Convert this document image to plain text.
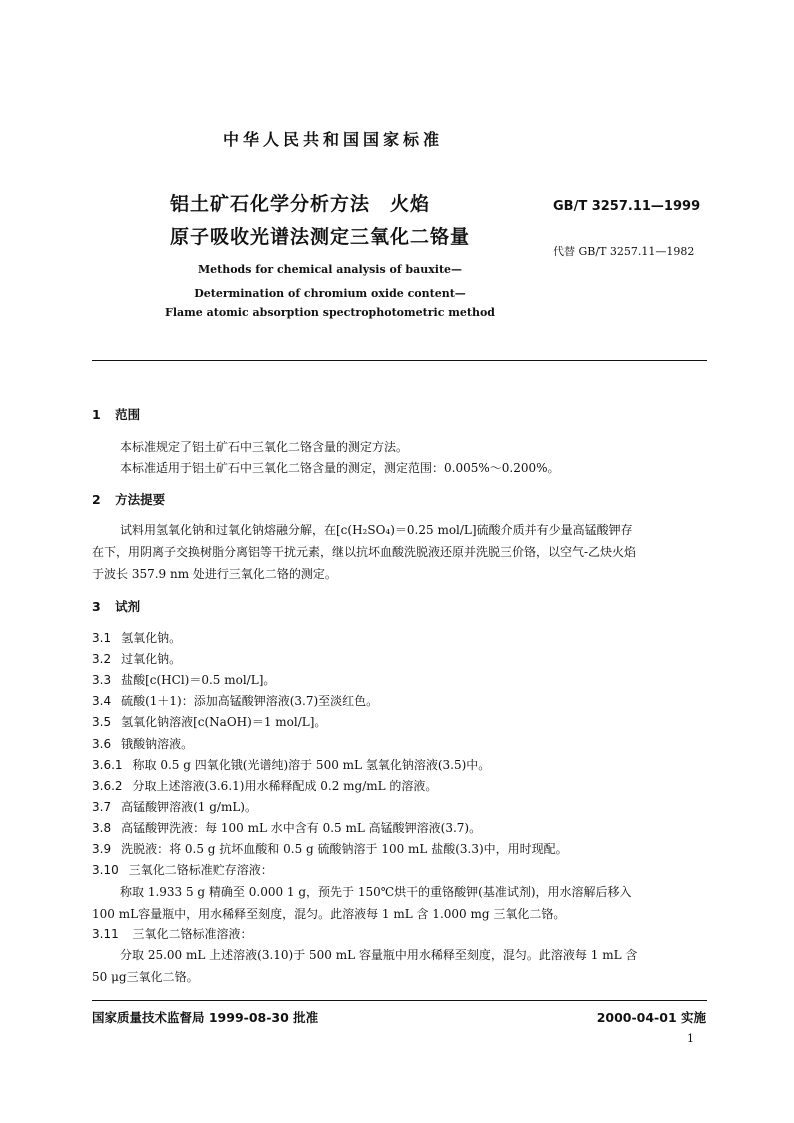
中华人民共和国国家标准
铝土矿石化学分析方法　火焰
原子吸收光谱法测定三氧化二铬量
GB/T 3257.11—1999
代替 GB/T 3257.11—1982
Methods for chemical analysis of bauxite—
Determination of chromium oxide content—
Flame atomic absorption spectrophotometric method
1 范围
本标准规定了铝土矿石中三氧化二铬含量的测定方法。
本标准适用于铝土矿石中三氧化二铬含量的测定，测定范围：0.005%～0.200%。
2 方法提要
试料用氢氧化钠和过氧化钠熔融分解，在[c(H₂SO₄)＝0.25 mol/L]硫酸介质并有少量高锰酸钾存
在下，用阴离子交换树脂分离铝等干扰元素，继以抗坏血酸洗脱液还原并洗脱三价铬，以空气-乙炔火焰
于波长 357.9 nm 处进行三氧化二铬的测定。
3 试剂
3.1 氢氧化钠。
3.2 过氧化钠。
3.3 盐酸[c(HCl)＝0.5 mol/L]。
3.4 硫酸(1＋1)：添加高锰酸钾溶液(3.7)至淡红色。
3.5 氢氧化钠溶液[c(NaOH)＝1 mol/L]。
3.6 锇酸钠溶液。
3.6.1 称取 0.5 g 四氧化锇(光谱纯)溶于 500 mL 氢氧化钠溶液(3.5)中。
3.6.2 分取上述溶液(3.6.1)用水稀释配成 0.2 mg/mL 的溶液。
3.7 高锰酸钾溶液(1 g/mL)。
3.8 高锰酸钾洗液：每 100 mL 水中含有 0.5 mL 高锰酸钾溶液(3.7)。
3.9 洗脱液：将 0.5 g 抗坏血酸和 0.5 g 硫酸钠溶于 100 mL 盐酸(3.3)中，用时现配。
3.10 三氧化二铬标准贮存溶液：
称取 1.933 5 g 精确至 0.000 1 g，预先于 150℃烘干的重铬酸钾(基准试剂)，用水溶解后移入
100 mL容量瓶中，用水稀释至刻度，混匀。此溶液每 1 mL 含 1.000 mg 三氧化二铬。
3.11 三氧化二铬标准溶液：
分取 25.00 mL 上述溶液(3.10)于 500 mL 容量瓶中用水稀释至刻度，混匀。此溶液每 1 mL 含
50 μg三氧化二铬。
国家质量技术监督局 1999-08-30 批准	2000-04-01 实施
1
